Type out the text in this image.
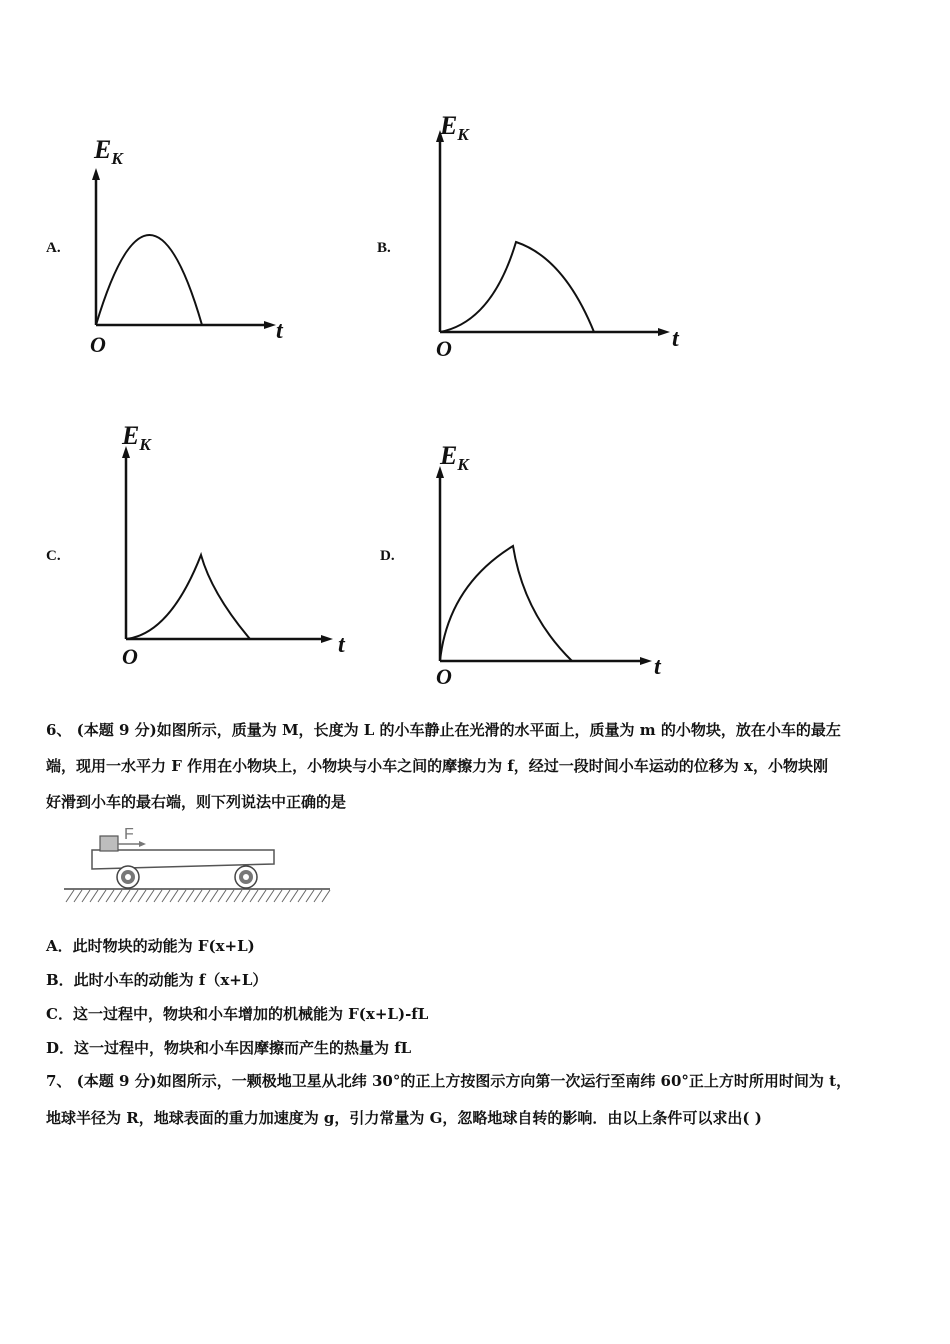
A.
$E_K$
t
O
B.
$E_K$
t
O
C.
$E_K$
t
O
D.
$E_K$
t
O
6、 (本题 9 分)如图所示，质量为 M，长度为 L 的小车静止在光滑的水平面上，质量为 m 的小物块，放在小车的最左
端，现用一水平力 F 作用在小物块上，小物块与小车之间的摩擦力为 f，经过一段时间小车运动的位移为 x，小物块刚
好滑到小车的最右端，则下列说法中正确的是
F
A．此时物块的动能为 F(x+L)
B．此时小车的动能为 f（x+L）
C．这一过程中，物块和小车增加的机械能为 F(x+L)-fL
D．这一过程中，物块和小车因摩擦而产生的热量为 fL
7、 (本题 9 分)如图所示，一颗极地卫星从北纬 30°的正上方按图示方向第一次运行至南纬 60°正上方时所用时间为 t，
地球半径为 R，地球表面的重力加速度为 g，引力常量为 G，忽略地球自转的影响．由以上条件可以求出( )
